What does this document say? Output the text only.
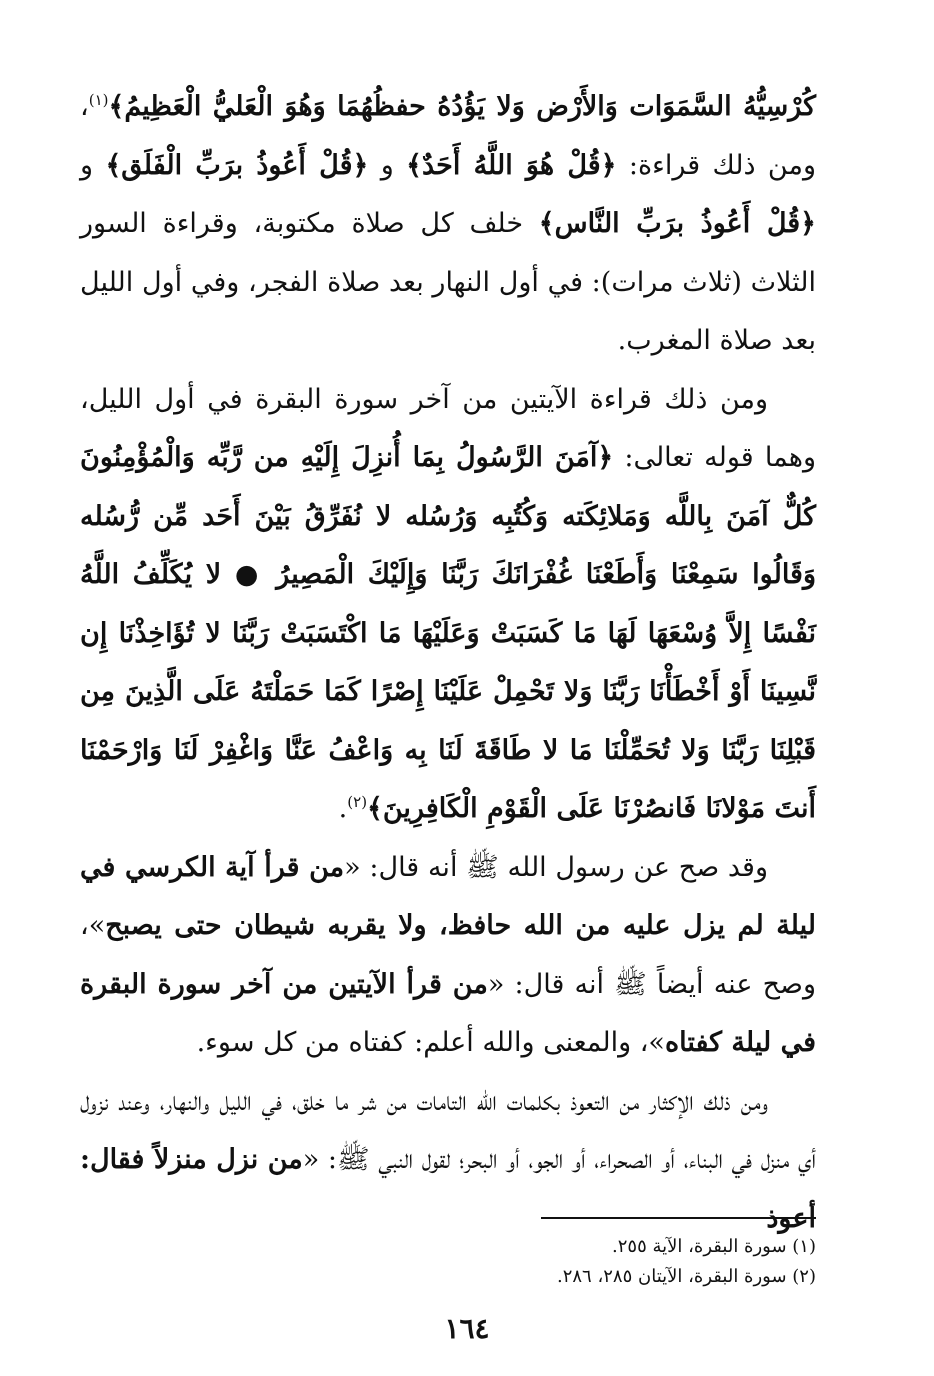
كُرْسِيُّهُ السَّمَوَات وَالأَرْض وَلا يَؤُدُهُ حفظُهُمَا وَهُوَ الْعَليُّ الْعَظِيمُ﴾$^{(١)}$، ومن ذلك قراءة: ﴿قُلْ هُوَ اللَّهُ أَحَدٌ﴾ و ﴿قُلْ أَعُوذُ برَبِّ الْفَلَق﴾ و ﴿قُلْ أَعُوذُ برَبِّ النَّاس﴾ خلف كل صلاة مكتوبة، وقراءة السور الثلاث (ثلاث مرات): في أول النهار بعد صلاة الفجر، وفي أول الليل بعد صلاة المغرب.

ومن ذلك قراءة الآيتين من آخر سورة البقرة في أول الليل، وهما قوله تعالى: ﴿آمَنَ الرَّسُولُ بِمَا أُنزِلَ إِلَيْهِ من رَّبِّه وَالْمُؤْمِنُونَ كُلٌّ آمَنَ بِاللَّه وَمَلائِكَته وَكُتُبِه وَرُسُله لا نُفَرِّقُ بَيْنَ أَحَد مِّن رُّسُله وَقَالُوا سَمِعْنَا وَأَطَعْنَا غُفْرَانَكَ رَبَّنَا وَإِلَيْكَ الْمَصِيرُ ● لا يُكَلِّفُ اللَّهُ نَفْسًا إِلاَّ وُسْعَهَا لَهَا مَا كَسَبَتْ وَعَلَيْهَا مَا اكْتَسَبَتْ رَبَّنَا لا تُؤَاخِذْنَا إِن نَّسِينَا أَوْ أَخْطَأْنَا رَبَّنَا وَلا تَحْمِلْ عَلَيْنَا إِصْرًا كَمَا حَمَلْتَهُ عَلَى الَّذِينَ مِن قَبْلِنَا رَبَّنَا وَلا تُحَمِّلْنَا مَا لا طَاقَةَ لَنَا بِه وَاعْفُ عَنَّا وَاغْفِرْ لَنَا وَارْحَمْنَا أَنتَ مَوْلانَا فَانصُرْنَا عَلَى الْقَوْمِ الْكَافِرِينَ﴾$^{(٢)}$.

وقد صح عن رسول الله ﷺ أنه قال: «من قرأ آية الكرسي في ليلة لم يزل عليه من الله حافظ، ولا يقربه شيطان حتى يصبح»، وصح عنه أيضاً ﷺ أنه قال: «من قرأ الآيتين من آخر سورة البقرة في ليلة كفتاه»، والمعنى والله أعلم: كفتاه من كل سوء.

ومن ذلك الإكثار من التعوذ بكلمات الله التامات من شر ما خلق، في الليل والنهار، وعند نزول أي منزل في البناء، أو الصحراء، أو الجو، أو البحر؛ لقول النبي ﷺ: «من نزل منزلاً فقال: أعوذ

(١) سورة البقرة، الآية ٢٥٥.

(٢) سورة البقرة، الآيتان ٢٨٥، ٢٨٦.

١٦٤
